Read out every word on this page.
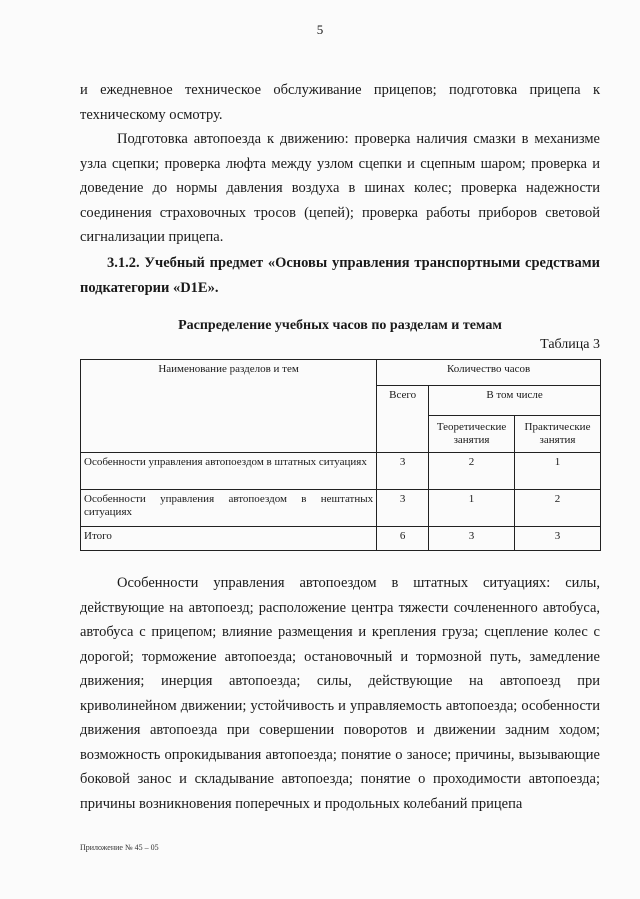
5

и ежедневное техническое обслуживание прицепов; подготовка прицепа к техническому осмотру.

Подготовка автопоезда к движению: проверка наличия смазки в механизме узла сцепки; проверка люфта между узлом сцепки и сцепным шаром; проверка и доведение до нормы давления воздуха в шинах колес; проверка надежности соединения страховочных тросов (цепей); проверка работы приборов световой сигнализации прицепа.

3.1.2. Учебный предмет «Основы управления транспортными средствами подкатегории «D1E».

Распределение учебных часов по разделам и темам
Таблица 3
Наименование разделов и тем	Количество часов		
	Всего	В том числе	
		Теоретические занятия	Практические занятия
Особенности управления автопоездом в штатных ситуациях	3	2	1
Особенности управления автопоездом в нештатных ситуациях	3	1	2
Итого	6	3	3

Особенности управления автопоездом в штатных ситуациях: силы, действующие на автопоезд; расположение центра тяжести сочлененного автобуса, автобуса с прицепом; влияние размещения и крепления груза; сцепление колес с дорогой; торможение автопоезда; остановочный и тормозной путь, замедление движения; инерция автопоезда; силы, действующие на автопоезд при криволинейном движении; устойчивость и управляемость автопоезда; особенности движения автопоезда при совершении поворотов и движении задним ходом; возможность опрокидывания автопоезда; понятие о заносе; причины, вызывающие боковой занос и складывание автопоезда; понятие о проходимости автопоезда; причины возникновения поперечных и продольных колебаний прицепа

Приложение № 45 – 05
